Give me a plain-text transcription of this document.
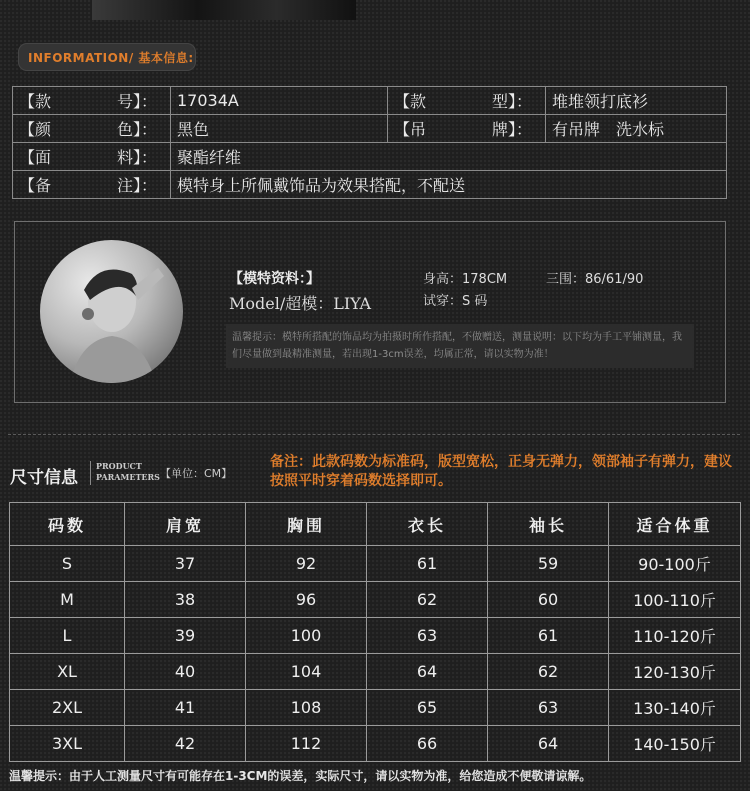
INFORMATION/ 基本信息:
【款 号】：	17034A	【款 型】：	堆堆领打底衫
【颜 色】：	黑色	【吊 牌】：	有吊牌　洗水标
【面 料】：	聚酯纤维		
【备 注】：	模特身上所佩戴饰品为效果搭配，不配送		
【模特资料：】
Model/超模：LIYA
身高：178CM	三围：86/61/90
试穿：S 码
温馨提示：模特所搭配的饰品均为拍摄时所作搭配，不做赠送，测量说明：以下均为手工平铺测量，我们尽量做到最精准测量，若出现1-3cm误差，均属正常，请以实物为准！
尺寸信息
PRODUCT
PARAMETERS 【单位：CM】
备注：此款码数为标准码，版型宽松，正身无弹力，领部袖子有弹力，建议按照平时穿着码数选择即可。
码数	肩宽	胸围	衣长	袖长	适合体重
S	37	92	61	59	90-100斤
M	38	96	62	60	100-110斤
L	39	100	63	61	110-120斤
XL	40	104	64	62	120-130斤
2XL	41	108	65	63	130-140斤
3XL	42	112	66	64	140-150斤
温馨提示：由于人工测量尺寸有可能存在1-3CM的误差，实际尺寸，请以实物为准，给您造成不便敬请谅解。
